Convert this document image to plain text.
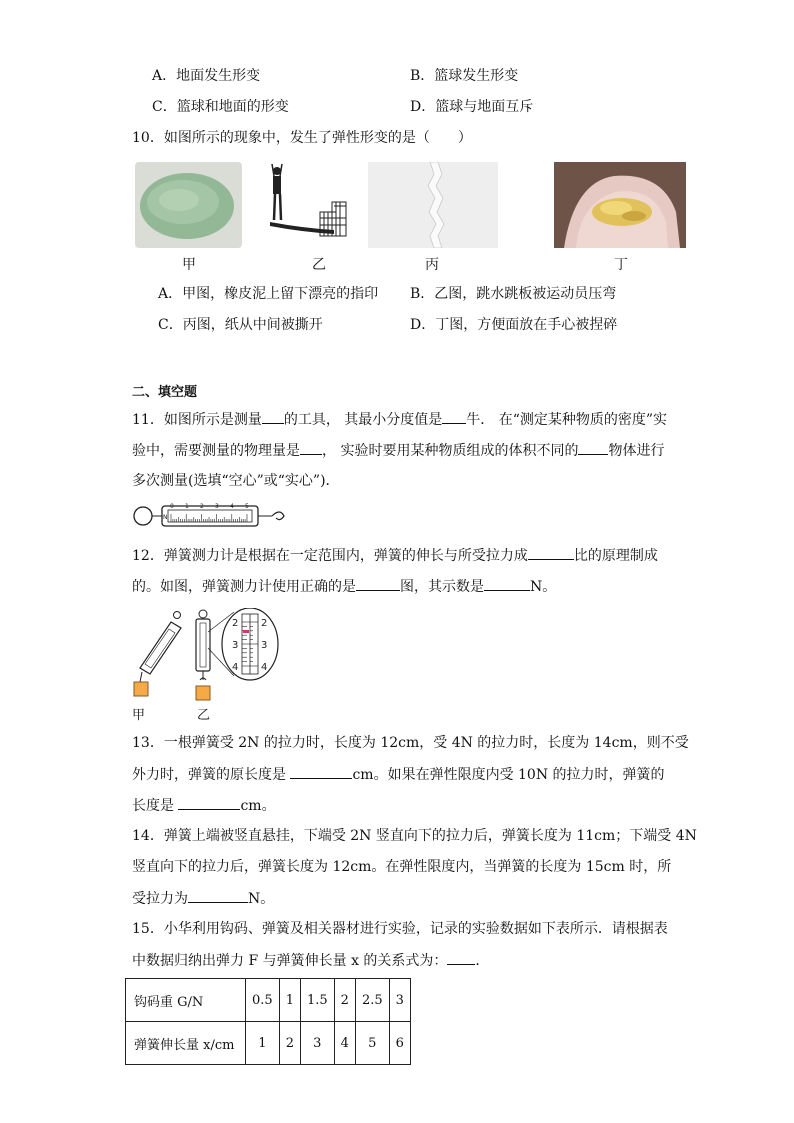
A．地面发生形变	B．篮球发生形变
C．篮球和地面的形变	D．篮球与地面互斥
10．如图所示的现象中，发生了弹性形变的是（　　）
甲	乙	丙	丁
A．甲图，橡皮泥上留下漂亮的指印 B．乙图，跳水跳板被运动员压弯
C．丙图，纸从中间被撕开	D．丁图，方便面放在手心被捏碎
二、填空题
11．如图所示是测量 的工具， 其最小分度值是 牛． 在“测定某种物质的密度”实
验中，需要测量的物理量是 ， 实验时要用某种物质组成的体积不同的 物体进行
多次测量(选填“空心”或“实心”)．
0 1 2 3 4 5
N
12．弹簧测力计是根据在一定范围内，弹簧的伸长与所受拉力成	比的原理制成
的。如图，弹簧测力计使用正确的是	图，其示数是	N。
2
3
4
2
3
4
甲	乙
13．一根弹簧受 2N 的拉力时，长度为 12cm，受 4N 的拉力时，长度为 14cm，则不受
外力时，弹簧的原长度是	cm。如果在弹性限度内受 10N 的拉力时，弹簧的
长度是	cm。
14．弹簧上端被竖直悬挂，下端受 2N 竖直向下的拉力后，弹簧长度为 11cm；下端受 4N
竖直向下的拉力后，弹簧长度为 12cm。在弹性限度内，当弹簧的长度为 15cm 时，所
受拉力为	N。
15．小华利用钩码、弹簧及相关器材进行实验，记录的实验数据如下表所示．请根据表
中数据归纳出弹力 F 与弹簧伸长量 x 的关系式为： ．
钩码重 G/N	0.5	1	1.5	2	2.5	3
弹簧伸长量 x/cm	1	2	3	4	5	6
